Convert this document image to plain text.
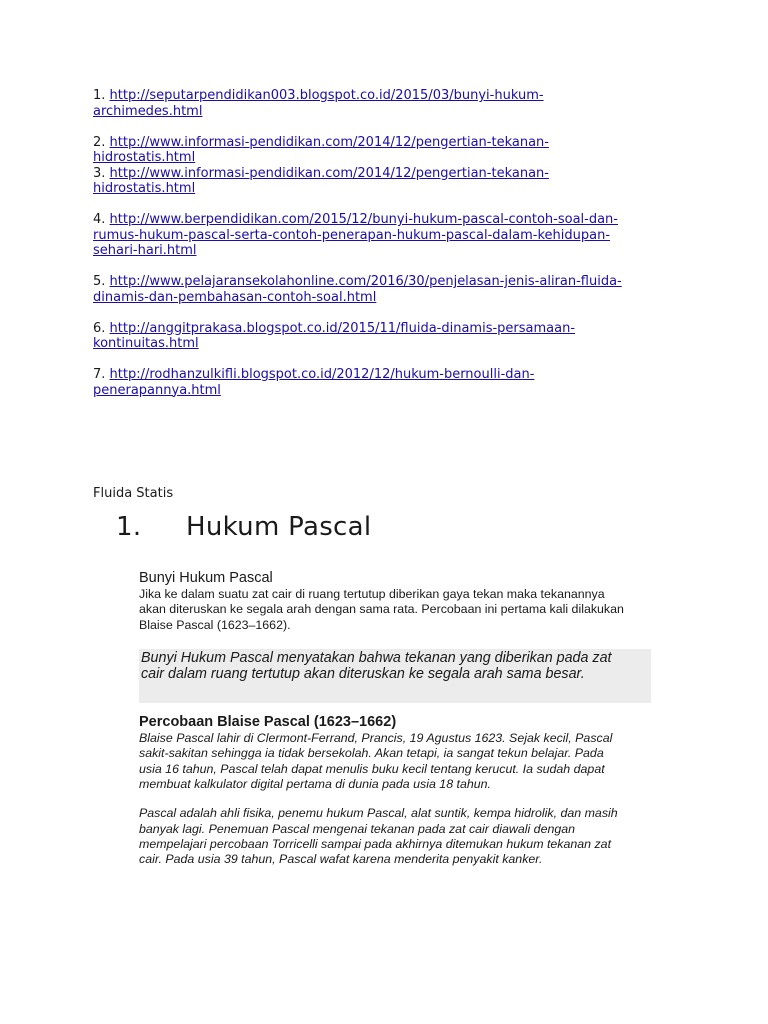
1. http://seputarpendidikan003.blogspot.co.id/2015/03/bunyi-hukum-
archimedes.html
2. http://www.informasi-pendidikan.com/2014/12/pengertian-tekanan-
hidrostatis.html
3. http://www.informasi-pendidikan.com/2014/12/pengertian-tekanan-
hidrostatis.html
4. http://www.berpendidikan.com/2015/12/bunyi-hukum-pascal-contoh-soal-dan-
rumus-hukum-pascal-serta-contoh-penerapan-hukum-pascal-dalam-kehidupan-
sehari-hari.html
5. http://www.pelajaransekolahonline.com/2016/30/penjelasan-jenis-aliran-fluida-
dinamis-dan-pembahasan-contoh-soal.html
6. http://anggitprakasa.blogspot.co.id/2015/11/fluida-dinamis-persamaan-
kontinuitas.html
7. http://rodhanzulkifli.blogspot.co.id/2012/12/hukum-bernoulli-dan-
penerapannya.html
Fluida Statis
1. Hukum Pascal

Bunyi Hukum Pascal

Jika ke dalam suatu zat cair di ruang tertutup diberikan gaya tekan maka tekanannya
akan diteruskan ke segala arah dengan sama rata. Percobaan ini pertama kali dilakukan
Blaise Pascal (1623–1662).

Bunyi Hukum Pascal menyatakan bahwa tekanan yang diberikan pada zat
cair dalam ruang tertutup akan diteruskan ke segala arah sama besar.
Percobaan Blaise Pascal (1623–1662)

Blaise Pascal lahir di Clermont-Ferrand, Prancis, 19 Agustus 1623. Sejak kecil, Pascal
sakit-sakitan sehingga ia tidak bersekolah. Akan tetapi, ia sangat tekun belajar. Pada
usia 16 tahun, Pascal telah dapat menulis buku kecil tentang kerucut. Ia sudah dapat
membuat kalkulator digital pertama di dunia pada usia 18 tahun.

Pascal adalah ahli fisika, penemu hukum Pascal, alat suntik, kempa hidrolik, dan masih
banyak lagi. Penemuan Pascal mengenai tekanan pada zat cair diawali dengan
mempelajari percobaan Torricelli sampai pada akhirnya ditemukan hukum tekanan zat
cair. Pada usia 39 tahun, Pascal wafat karena menderita penyakit kanker.
